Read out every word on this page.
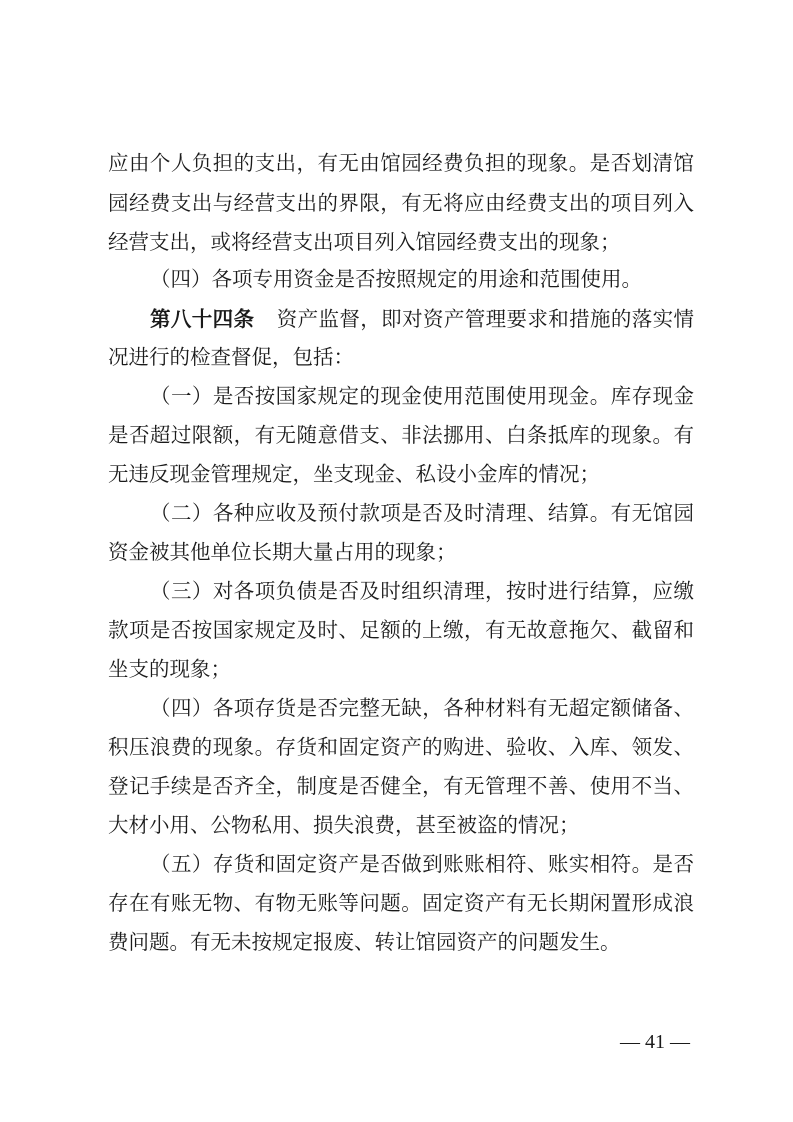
应由个人负担的支出，有无由馆园经费负担的现象。是否划清馆
园经费支出与经营支出的界限，有无将应由经费支出的项目列入
经营支出，或将经营支出项目列入馆园经费支出的现象；
（四）各项专用资金是否按照规定的用途和范围使用。
第八十四条 资产监督，即对资产管理要求和措施的落实情
况进行的检查督促，包括：
（一）是否按国家规定的现金使用范围使用现金。库存现金
是否超过限额，有无随意借支、非法挪用、白条抵库的现象。有
无违反现金管理规定，坐支现金、私设小金库的情况；
（二）各种应收及预付款项是否及时清理、结算。有无馆园
资金被其他单位长期大量占用的现象；
（三）对各项负债是否及时组织清理，按时进行结算，应缴
款项是否按国家规定及时、足额的上缴，有无故意拖欠、截留和
坐支的现象；
（四）各项存货是否完整无缺，各种材料有无超定额储备、
积压浪费的现象。存货和固定资产的购进、验收、入库、领发、
登记手续是否齐全，制度是否健全，有无管理不善、使用不当、
大材小用、公物私用、损失浪费，甚至被盗的情况；
（五）存货和固定资产是否做到账账相符、账实相符。是否
存在有账无物、有物无账等问题。固定资产有无长期闲置形成浪
费问题。有无未按规定报废、转让馆园资产的问题发生。
— 41 —
